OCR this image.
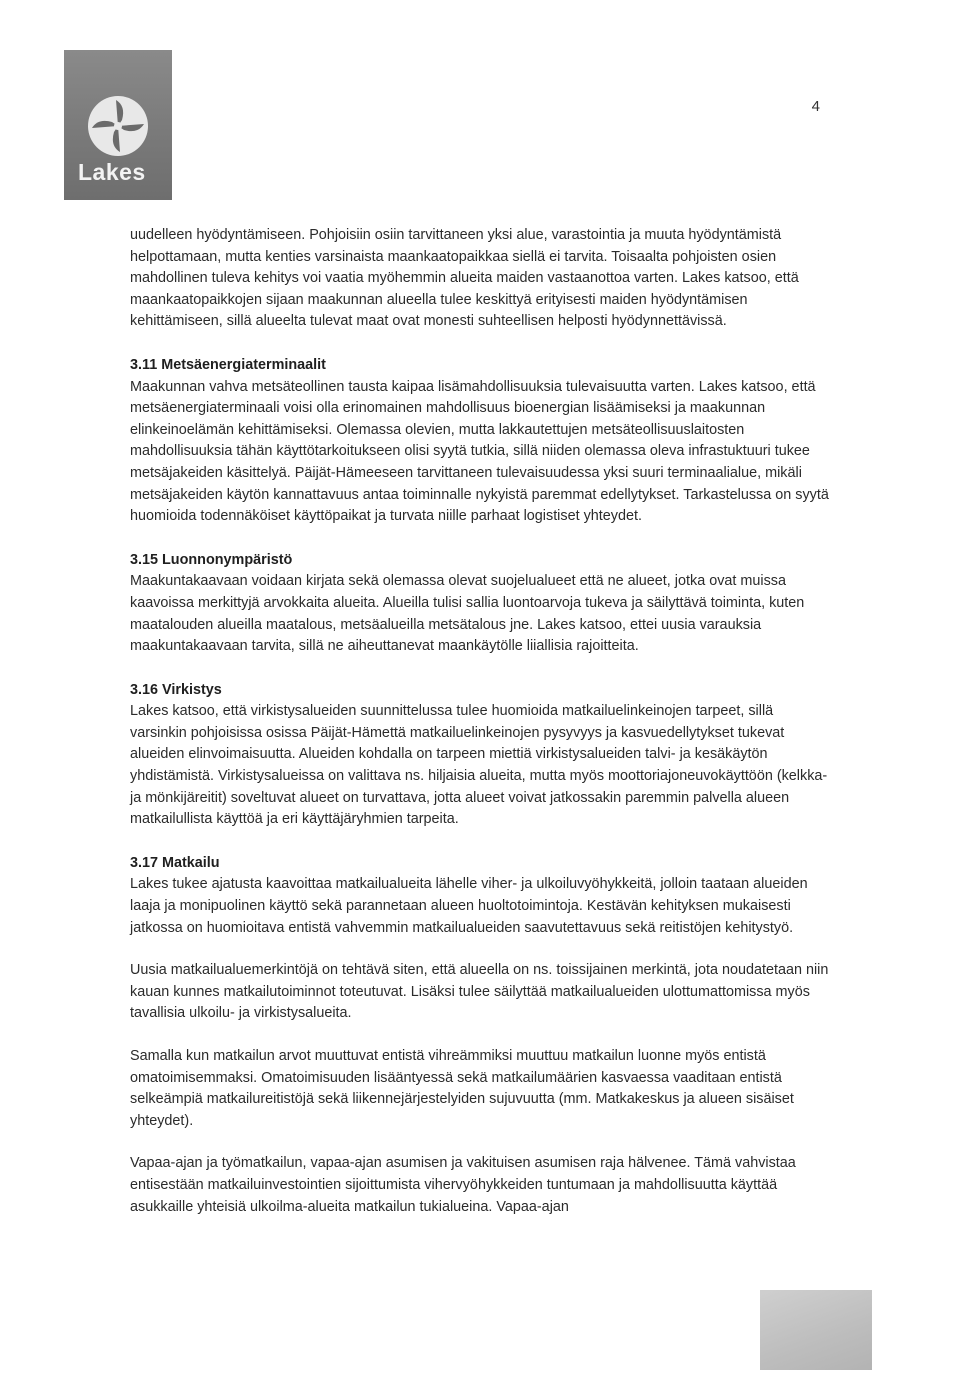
Lakes
4

uudelleen hyödyntämiseen. Pohjoisiin osiin tarvittaneen yksi alue, varastointia ja muuta hyödyntämistä helpottamaan, mutta kenties varsinaista maankaatopaikkaa siellä ei tarvita. Toisaalta pohjoisten osien mahdollinen tuleva kehitys voi vaatia myöhemmin alueita maiden vastaanottoa varten. Lakes katsoo, että maankaatopaikkojen sijaan maakunnan alueella tulee keskittyä erityisesti maiden hyödyntämisen kehittämiseen, sillä alueelta tulevat maat ovat monesti suhteellisen helposti hyödynnettävissä.

3.11 Metsäenergiaterminaalit

Maakunnan vahva metsäteollinen tausta kaipaa lisämahdollisuuksia tulevaisuutta varten. Lakes katsoo, että metsäenergiaterminaali voisi olla erinomainen mahdollisuus bioenergian lisäämiseksi ja maakunnan elinkeinoelämän kehittämiseksi. Olemassa olevien, mutta lakkautettujen metsäteollisuuslaitosten mahdollisuuksia tähän käyttötarkoitukseen olisi syytä tutkia, sillä niiden olemassa oleva infrastuktuuri tukee metsäjakeiden käsittelyä. Päijät-Hämeeseen tarvittaneen tulevaisuudessa yksi suuri terminaalialue, mikäli metsäjakeiden käytön kannattavuus antaa toiminnalle nykyistä paremmat edellytykset. Tarkastelussa on syytä huomioida todennäköiset käyttöpaikat ja turvata niille parhaat logistiset yhteydet.

3.15 Luonnonympäristö

Maakuntakaavaan voidaan kirjata sekä olemassa olevat suojelualueet että ne alueet, jotka ovat muissa kaavoissa merkittyjä arvokkaita alueita. Alueilla tulisi sallia luontoarvoja tukeva ja säilyttävä toiminta, kuten maatalouden alueilla maatalous, metsäalueilla metsätalous jne. Lakes katsoo, ettei uusia varauksia maakuntakaavaan tarvita, sillä ne aiheuttanevat maankäytölle liiallisia rajoitteita.

3.16 Virkistys

Lakes katsoo, että virkistysalueiden suunnittelussa tulee huomioida matkailuelinkeinojen tarpeet, sillä varsinkin pohjoisissa osissa Päijät-Hämettä matkailuelinkeinojen pysyvyys ja kasvuedellytykset tukevat alueiden elinvoimaisuutta. Alueiden kohdalla on tarpeen miettiä virkistysalueiden talvi- ja kesäkäytön yhdistämistä. Virkistysalueissa on valittava ns. hiljaisia alueita, mutta myös moottoriajoneuvokäyttöön (kelkka- ja mönkijäreitit) soveltuvat alueet on turvattava, jotta alueet voivat jatkossakin paremmin palvella alueen matkailullista käyttöä ja eri käyttäjäryhmien tarpeita.

3.17 Matkailu

Lakes tukee ajatusta kaavoittaa matkailualueita lähelle viher- ja ulkoiluvyöhykkeitä, jolloin taataan alueiden laaja ja monipuolinen käyttö sekä parannetaan alueen huoltotoimintoja. Kestävän kehityksen mukaisesti jatkossa on huomioitava entistä vahvemmin matkailualueiden saavutettavuus sekä reitistöjen kehitystyö.

Uusia matkailualuemerkintöjä on tehtävä siten, että alueella on ns. toissijainen merkintä, jota noudatetaan niin kauan kunnes matkailutoiminnot toteutuvat. Lisäksi tulee säilyttää matkailualueiden ulottumattomissa myös tavallisia ulkoilu- ja virkistysalueita.

Samalla kun matkailun arvot muuttuvat entistä vihreämmiksi muuttuu matkailun luonne myös entistä omatoimisemmaksi. Omatoimisuuden lisääntyessä sekä matkailumäärien kasvaessa vaaditaan entistä selkeämpiä matkailureitistöjä sekä liikennejärjestelyiden sujuvuutta (mm. Matkakeskus ja alueen sisäiset yhteydet).

Vapaa-ajan ja työmatkailun, vapaa-ajan asumisen ja vakituisen asumisen raja hälvenee. Tämä vahvistaa entisestään matkailuinvestointien sijoittumista vihervyöhykkeiden tuntumaan ja mahdollisuutta käyttää asukkaille yhteisiä ulkoilma-alueita matkailun tukialueina. Vapaa-ajan
